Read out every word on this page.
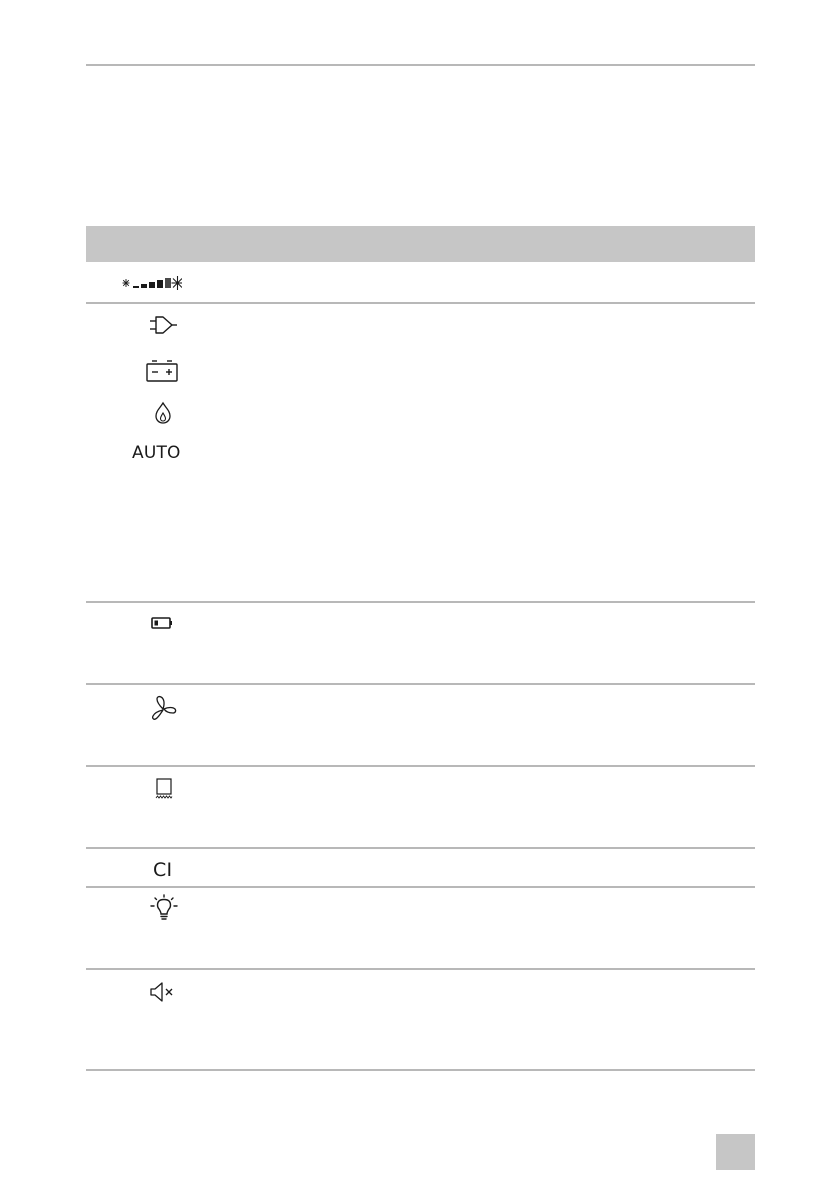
AUTO
CI
